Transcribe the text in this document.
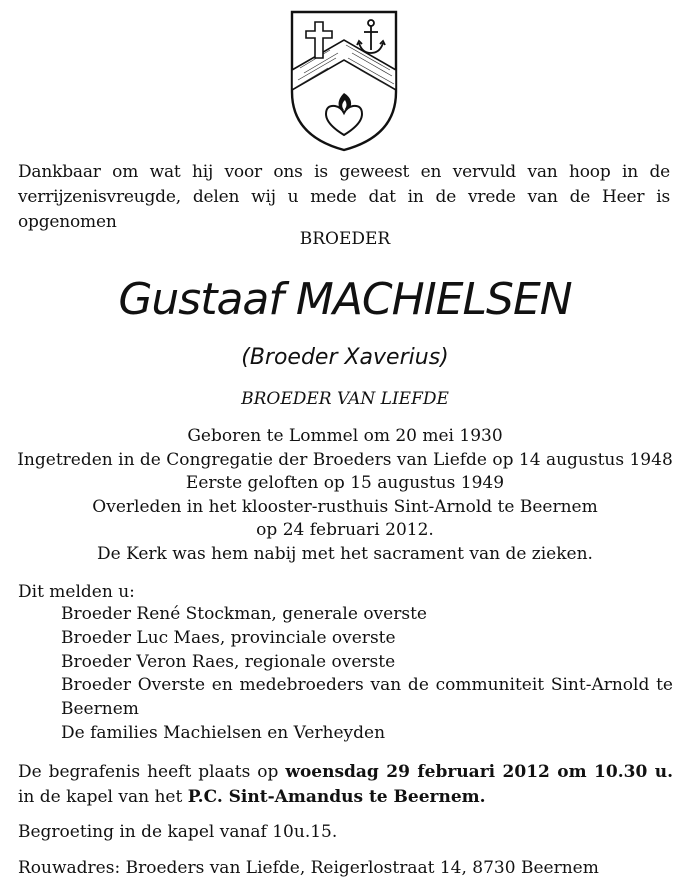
Dankbaar om wat hij voor ons is geweest en vervuld van hoop in de verrijzenisvreugde, delen wij u mede dat in de vrede van de Heer is opgenomen
BROEDER
Gustaaf MACHIELSEN
(Broeder Xaverius)
BROEDER VAN LIEFDE
Geboren te Lommel om 20 mei 1930
Ingetreden in de Congregatie der Broeders van Liefde op 14 augustus 1948
Eerste geloften op 15 augustus 1949
Overleden in het klooster-rusthuis Sint-Arnold te Beernem
op 24 februari 2012.
De Kerk was hem nabij met het sacrament van de zieken.
Dit melden u:
Broeder René Stockman, generale overste
Broeder Luc Maes, provinciale overste
Broeder Veron Raes, regionale overste
Broeder Overste en medebroeders van de communiteit Sint-Arnold te
Beernem
De families Machielsen en Verheyden
De begrafenis heeft plaats op woensdag 29 februari 2012 om 10.30 u. in de kapel van het P.C. Sint-Amandus te Beernem.
Begroeting in de kapel vanaf 10u.15.
Rouwadres: Broeders van Liefde, Reigerlostraat 14, 8730 Beernem
